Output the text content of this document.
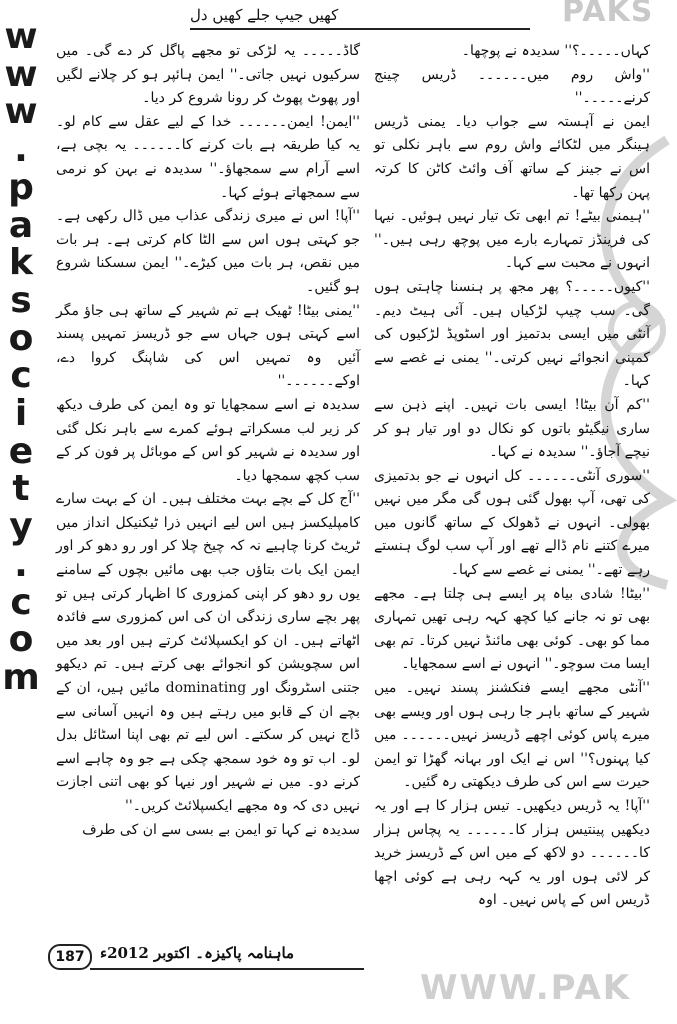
w
w
w
.
p
a
k
s
o
c
i
e
t
y
.
c
o
m
کھیں جیپ جلے کھیں دل	PAKS

کہاں۔۔۔۔۔؟'' سدیدہ نے پوچھا۔

''واش روم میں۔۔۔۔۔۔ ڈریس چینج کرنے۔۔۔۔۔''

ایمن نے آہستہ سے جواب دیا۔ یمنی ڈریس ہینگر میں لٹکائے واش روم سے باہر نکلی تو اس نے جینز کے ساتھ آف وائٹ کاٹن کا کرتہ پہن رکھا تھا۔

''ہیمنی بیٹے! تم ابھی تک تیار نہیں ہوئیں۔ نیہا کی فرینڈز تمہارے بارے میں پوچھ رہی ہیں۔'' انہوں نے محبت سے کہا۔

''کیوں۔۔۔۔۔؟ پھر مجھ پر ہنسنا چاہتی ہوں گی۔ سب چیپ لڑکیاں ہیں۔ آئی ہیٹ دیم۔ آنٹی میں ایسی بدتمیز اور اسٹوپڈ لڑکیوں کی کمپنی انجوائے نہیں کرتی۔'' یمنی نے غصے سے کہا۔

''کم آن بیٹا! ایسی بات نہیں۔ اپنے ذہن سے ساری نیگیٹو باتوں کو نکال دو اور تیار ہو کر نیچے آجاؤ۔'' سدیدہ نے کہا۔

''سوری آنٹی۔۔۔۔۔۔ کل انہوں نے جو بدتمیزی کی تھی، آپ بھول گئی ہوں گی مگر میں نہیں بھولی۔ انہوں نے ڈھولک کے ساتھ گانوں میں میرے کتنے نام ڈالے تھے اور آپ سب لوگ ہنستے رہے تھے۔'' یمنی نے غصے سے کہا۔

''بیٹا! شادی بیاہ پر ایسے ہی چلتا ہے۔ مجھے بھی تو نہ جانے کیا کچھ کہہ رہی تھیں تمہاری مما کو بھی۔ کوئی بھی مائنڈ نہیں کرتا۔ تم بھی ایسا مت سوچو۔'' انہوں نے اسے سمجھایا۔

''آنٹی مجھے ایسے فنکشنز پسند نہیں۔ میں شہیر کے ساتھ باہر جا رہی ہوں اور ویسے بھی میرے پاس کوئی اچھے ڈریسز نہیں۔۔۔۔۔۔ میں کیا پہنوں؟'' اس نے ایک اور بہانہ گھڑا تو ایمن حیرت سے اس کی طرف دیکھتی رہ گئیں۔

''آپا! یہ ڈریس دیکھیں۔ تیس ہزار کا ہے اور یہ دیکھیں پینتیس ہزار کا۔۔۔۔۔۔ یہ پچاس ہزار کا۔۔۔۔۔۔ دو لاکھ کے میں اس کے ڈریسز خرید کر لائی ہوں اور یہ کہہ رہی ہے کوئی اچھا ڈریس اس کے پاس نہیں۔ اوہ

گاڈ۔۔۔۔۔ یہ لڑکی تو مجھے پاگل کر دے گی۔ میں سرکیوں نہیں جاتی۔'' ایمن ہائپر ہو کر چلانے لگیں اور پھوٹ پھوٹ کر رونا شروع کر دیا۔

''ایمن! ایمن۔۔۔۔۔۔ خدا کے لیے عقل سے کام لو۔ یہ کیا طریقہ ہے بات کرنے کا۔۔۔۔۔۔ یہ بچی ہے، اسے آرام سے سمجھاؤ۔'' سدیدہ نے بہن کو نرمی سے سمجھاتے ہوئے کہا۔

''آپا! اس نے میری زندگی عذاب میں ڈال رکھی ہے۔ جو کہتی ہوں اس سے الٹا کام کرتی ہے۔ ہر بات میں نقص، ہر بات میں کیڑے۔'' ایمن سسکنا شروع ہو گئیں۔

''یمنی بیٹا! ٹھیک ہے تم شہیر کے ساتھ ہی جاؤ مگر اسے کہتی ہوں جہاں سے جو ڈریسز تمہیں پسند آئیں وہ تمہیں اس کی شاپنگ کروا دے، اوکے۔۔۔۔۔۔''

سدیدہ نے اسے سمجھایا تو وہ ایمن کی طرف دیکھ کر زیر لب مسکراتے ہوئے کمرے سے باہر نکل گئی اور سدیدہ نے شہیر کو اس کے موبائل پر فون کر کے سب کچھ سمجھا دیا۔

''آج کل کے بچے بہت مختلف ہیں۔ ان کے بہت سارے کامپلیکسز ہیں اس لیے انہیں ذرا ٹیکنیکل انداز میں ٹریٹ کرنا چاہیے نہ کہ چیخ چلا کر اور رو دھو کر اور ایمن ایک بات بتاؤں جب بھی مائیں بچوں کے سامنے یوں رو دھو کر اپنی کمزوری کا اظہار کرتی ہیں تو پھر بچے ساری زندگی ان کی اس کمزوری سے فائدہ اٹھاتے ہیں۔ ان کو ایکسپلائٹ کرتے ہیں اور بعد میں اس سچویشن کو انجوائے بھی کرتے ہیں۔ تم دیکھو جتنی اسٹرونگ اور dominating مائیں ہیں، ان کے بچے ان کے قابو میں رہتے ہیں وہ انہیں آسانی سے ڈاج نہیں کر سکتے۔ اس لیے تم بھی اپنا اسٹائل بدل لو۔ اب تو وہ خود سمجھ چکی ہے جو وہ چاہے اسے کرنے دو۔ میں نے شہیر اور نیہا کو بھی اتنی اجازت نہیں دی کہ وہ مجھے ایکسپلائٹ کریں۔''

سدیدہ نے کہا تو ایمن بے بسی سے ان کی طرف

187	ماہنامہ پاکیزہ۔ اکتوبر 2012ء
WWW.PAK
